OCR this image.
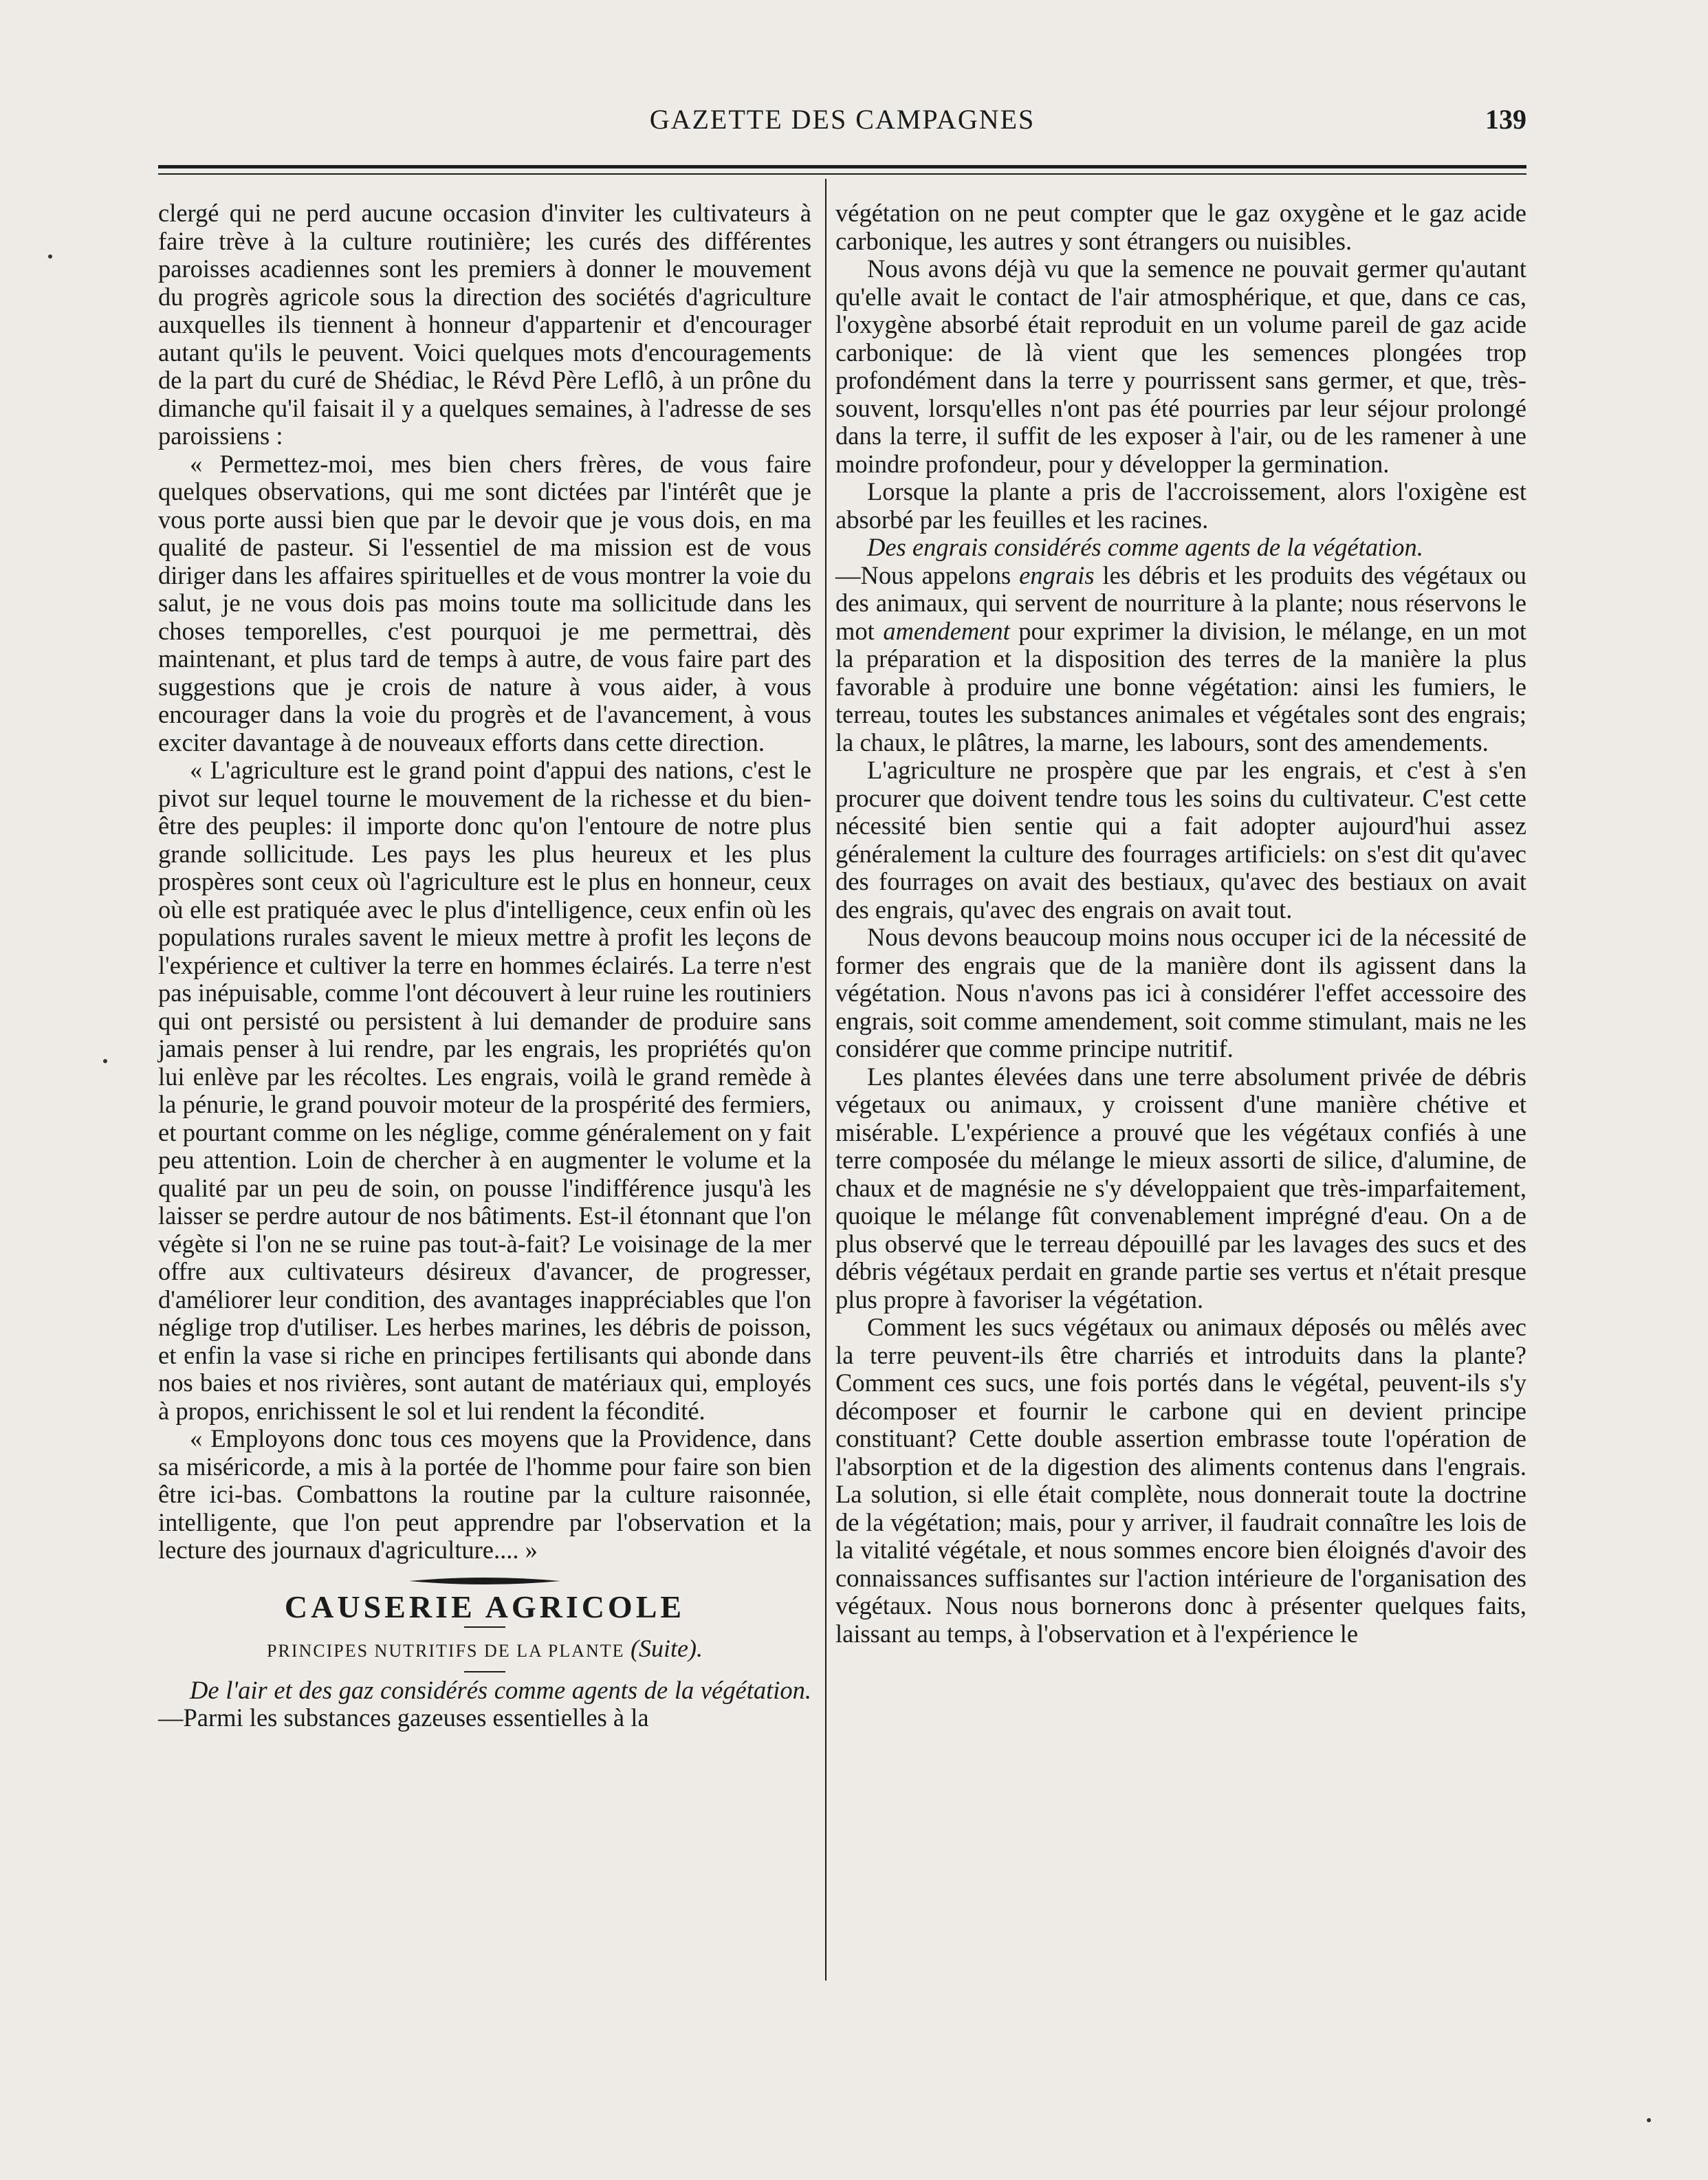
GAZETTE DES CAMPAGNES	139

clergé qui ne perd aucune occasion d'inviter les cultivateurs à faire trève à la culture routinière; les curés des différentes paroisses acadiennes sont les premiers à donner le mouvement du progrès agricole sous la direction des sociétés d'agriculture auxquelles ils tiennent à honneur d'appartenir et d'encourager autant qu'ils le peuvent. Voici quelques mots d'encouragements de la part du curé de Shédiac, le Révd Père Leflô, à un prône du dimanche qu'il faisait il y a quelques semaines, à l'adresse de ses paroissiens :

« Permettez-moi, mes bien chers frères, de vous faire quelques observations, qui me sont dictées par l'intérêt que je vous porte aussi bien que par le devoir que je vous dois, en ma qualité de pasteur. Si l'essentiel de ma mission est de vous diriger dans les affaires spirituelles et de vous montrer la voie du salut, je ne vous dois pas moins toute ma sollicitude dans les choses temporelles, c'est pourquoi je me permettrai, dès maintenant, et plus tard de temps à autre, de vous faire part des suggestions que je crois de nature à vous aider, à vous encourager dans la voie du progrès et de l'avancement, à vous exciter davantage à de nouveaux efforts dans cette direction.

« L'agriculture est le grand point d'appui des nations, c'est le pivot sur lequel tourne le mouvement de la richesse et du bien-être des peuples: il importe donc qu'on l'entoure de notre plus grande sollicitude. Les pays les plus heureux et les plus prospères sont ceux où l'agriculture est le plus en honneur, ceux où elle est pratiquée avec le plus d'intelligence, ceux enfin où les populations rurales savent le mieux mettre à profit les leçons de l'expérience et cultiver la terre en hommes éclairés. La terre n'est pas inépuisable, comme l'ont découvert à leur ruine les routiniers qui ont persisté ou persistent à lui demander de produire sans jamais penser à lui rendre, par les engrais, les propriétés qu'on lui enlève par les récoltes. Les engrais, voilà le grand remède à la pénurie, le grand pouvoir moteur de la prospérité des fermiers, et pourtant comme on les néglige, comme généralement on y fait peu attention. Loin de chercher à en augmenter le volume et la qualité par un peu de soin, on pousse l'indifférence jusqu'à les laisser se perdre autour de nos bâtiments. Est-il étonnant que l'on végète si l'on ne se ruine pas tout-à-fait? Le voisinage de la mer offre aux cultivateurs désireux d'avancer, de progresser, d'améliorer leur condition, des avantages inappréciables que l'on néglige trop d'utiliser. Les herbes marines, les débris de poisson, et enfin la vase si riche en principes fertilisants qui abonde dans nos baies et nos rivières, sont autant de matériaux qui, employés à propos, enrichissent le sol et lui rendent la fécondité.

« Employons donc tous ces moyens que la Providence, dans sa miséricorde, a mis à la portée de l'homme pour faire son bien être ici-bas. Combattons la routine par la culture raisonnée, intelligente, que l'on peut apprendre par l'observation et la lecture des journaux d'agriculture.... »

CAUSERIE AGRICOLE
PRINCIPES NUTRITIFS DE LA PLANTE (Suite).

De l'air et des gaz considérés comme agents de la végétation.—Parmi les substances gazeuses essentielles à la

végétation on ne peut compter que le gaz oxygène et le gaz acide carbonique, les autres y sont étrangers ou nuisibles.

Nous avons déjà vu que la semence ne pouvait germer qu'autant qu'elle avait le contact de l'air atmosphérique, et que, dans ce cas, l'oxygène absorbé était reproduit en un volume pareil de gaz acide carbonique: de là vient que les semences plongées trop profondément dans la terre y pourrissent sans germer, et que, très-souvent, lorsqu'elles n'ont pas été pourries par leur séjour prolongé dans la terre, il suffit de les exposer à l'air, ou de les ramener à une moindre profondeur, pour y développer la germination.

Lorsque la plante a pris de l'accroissement, alors l'oxigène est absorbé par les feuilles et les racines.

Des engrais considérés comme agents de la végétation.
—Nous appelons engrais les débris et les produits des végétaux ou des animaux, qui servent de nourriture à la plante; nous réservons le mot amendement pour exprimer la division, le mélange, en un mot la préparation et la disposition des terres de la manière la plus favorable à produire une bonne végétation: ainsi les fumiers, le terreau, toutes les substances animales et végétales sont des engrais; la chaux, le plâtres, la marne, les labours, sont des amendements.

L'agriculture ne prospère que par les engrais, et c'est à s'en procurer que doivent tendre tous les soins du cultivateur. C'est cette nécessité bien sentie qui a fait adopter aujourd'hui assez généralement la culture des fourrages artificiels: on s'est dit qu'avec des fourrages on avait des bestiaux, qu'avec des bestiaux on avait des engrais, qu'avec des engrais on avait tout.

Nous devons beaucoup moins nous occuper ici de la nécessité de former des engrais que de la manière dont ils agissent dans la végétation. Nous n'avons pas ici à considérer l'effet accessoire des engrais, soit comme amendement, soit comme stimulant, mais ne les considérer que comme principe nutritif.

Les plantes élevées dans une terre absolument privée de débris végetaux ou animaux, y croissent d'une manière chétive et misérable. L'expérience a prouvé que les végétaux confiés à une terre composée du mélange le mieux assorti de silice, d'alumine, de chaux et de magnésie ne s'y développaient que très-imparfaitement, quoique le mélange fût convenablement imprégné d'eau. On a de plus observé que le terreau dépouillé par les lavages des sucs et des débris végétaux perdait en grande partie ses vertus et n'était presque plus propre à favoriser la végétation.

Comment les sucs végétaux ou animaux déposés ou mêlés avec la terre peuvent-ils être charriés et introduits dans la plante? Comment ces sucs, une fois portés dans le végétal, peuvent-ils s'y décomposer et fournir le carbone qui en devient principe constituant? Cette double assertion embrasse toute l'opération de l'absorption et de la digestion des aliments contenus dans l'engrais. La solution, si elle était complète, nous donnerait toute la doctrine de la végétation; mais, pour y arriver, il faudrait connaître les lois de la vitalité végétale, et nous sommes encore bien éloignés d'avoir des connaissances suffisantes sur l'action intérieure de l'organisation des végétaux. Nous nous bornerons donc à présenter quelques faits, laissant au temps, à l'observation et à l'expérience le
